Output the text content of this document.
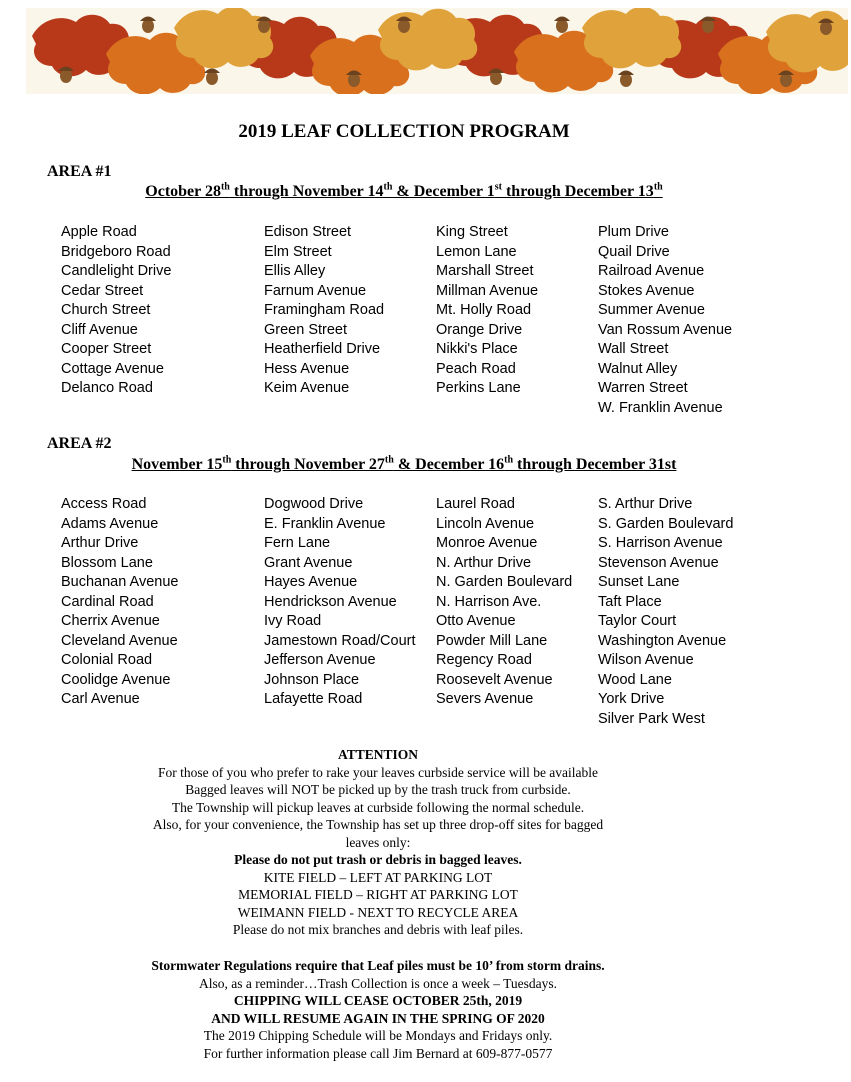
2019 LEAF COLLECTION PROGRAM

AREA #1

October 28th through November 14th & December 1st through December 13th

Apple Road
Bridgeboro Road
Candlelight Drive
Cedar Street
Church Street
Cliff Avenue
Cooper Street
Cottage Avenue
Delanco Road
Edison Street
Elm Street
Ellis Alley
Farnum Avenue
Framingham Road
Green Street
Heatherfield Drive
Hess Avenue
Keim Avenue
King Street
Lemon Lane
Marshall Street
Millman Avenue
Mt. Holly Road
Orange Drive
Nikki's Place
Peach Road
Perkins Lane
Plum Drive
Quail Drive
Railroad Avenue
Stokes Avenue
Summer Avenue
Van Rossum Avenue
Wall Street
Walnut Alley
Warren Street
W. Franklin Avenue

AREA #2

November 15th through November 27th & December 16th through December 31st

Access Road
Adams Avenue
Arthur Drive
Blossom Lane
Buchanan Avenue
Cardinal Road
Cherrix Avenue
Cleveland Avenue
Colonial Road
Coolidge Avenue
Carl Avenue
Dogwood Drive
E. Franklin Avenue
Fern Lane
Grant Avenue
Hayes Avenue
Hendrickson Avenue
Ivy Road
Jamestown Road/Court
Jefferson Avenue
Johnson Place
Lafayette Road
Laurel Road
Lincoln Avenue
Monroe Avenue
N. Arthur Drive
N. Garden Boulevard
N. Harrison Ave.
Otto Avenue
Powder Mill Lane
Regency Road
Roosevelt Avenue
Severs Avenue
S. Arthur Drive
S. Garden Boulevard
S. Harrison Avenue
Stevenson Avenue
Sunset Lane
Taft Place
Taylor Court
Washington Avenue
Wilson Avenue
Wood Lane
York Drive
Silver Park West
ATTENTION
For those of you who prefer to rake your leaves curbside service will be available
Bagged leaves will NOT be picked up by the trash truck from curbside.
The Township will pickup leaves at curbside following the normal schedule.
Also, for your convenience, the Township has set up three drop-off sites for bagged
leaves only:
Please do not put trash or debris in bagged leaves.
KITE FIELD – LEFT AT PARKING LOT
MEMORIAL FIELD – RIGHT AT PARKING LOT
WEIMANN FIELD - NEXT TO RECYCLE AREA
Please do not mix branches and debris with leaf piles.
Stormwater Regulations require that Leaf piles must be 10’ from storm drains.
Also, as a reminder…Trash Collection is once a week – Tuesdays.
CHIPPING WILL CEASE OCTOBER 25th, 2019
AND WILL RESUME AGAIN IN THE SPRING OF 2020
The 2019 Chipping Schedule will be Mondays and Fridays only.
For further information please call Jim Bernard at 609-877-0577
